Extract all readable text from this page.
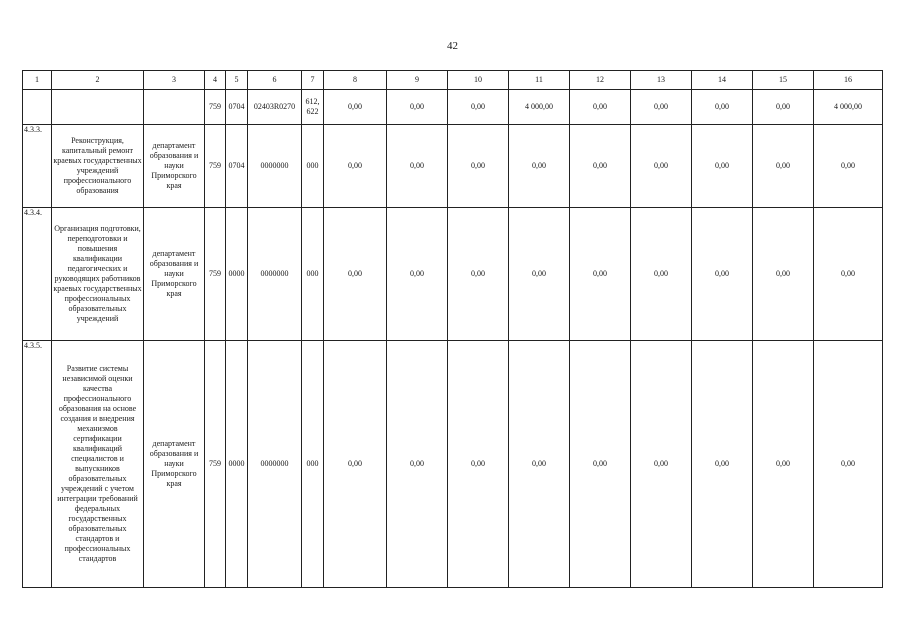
42
1	2	3	4	5	6	7	8	9	10	11	12	13	14	15	16
			759	0704	02403R0270	612, 622	0,00	0,00	0,00	4 000,00	0,00	0,00	0,00	0,00	4 000,00
4.3.3.	Реконструкция, капитальный ремонт краевых государственных учреждений профессионального образования	департамент образования и науки Приморского края	759	0704	0000000	000	0,00	0,00	0,00	0,00	0,00	0,00	0,00	0,00	0,00
4.3.4.	Организация подготовки, переподготовки и повышения квалификации педагогических и руководящих работников краевых государственных профессиональных образовательных учреждений	департамент образования и науки Приморского края	759	0000	0000000	000	0,00	0,00	0,00	0,00	0,00	0,00	0,00	0,00	0,00
4.3.5.	Развитие системы независимой оценки качества профессионального образования на основе создания и внедрения механизмов сертификации квалификаций специалистов и выпускников образовательных учреждений с учетом интеграции требований федеральных государственных образовательных стандартов и профессиональных стандартов	департамент образования и науки Приморского края	759	0000	0000000	000	0,00	0,00	0,00	0,00	0,00	0,00	0,00	0,00	0,00
